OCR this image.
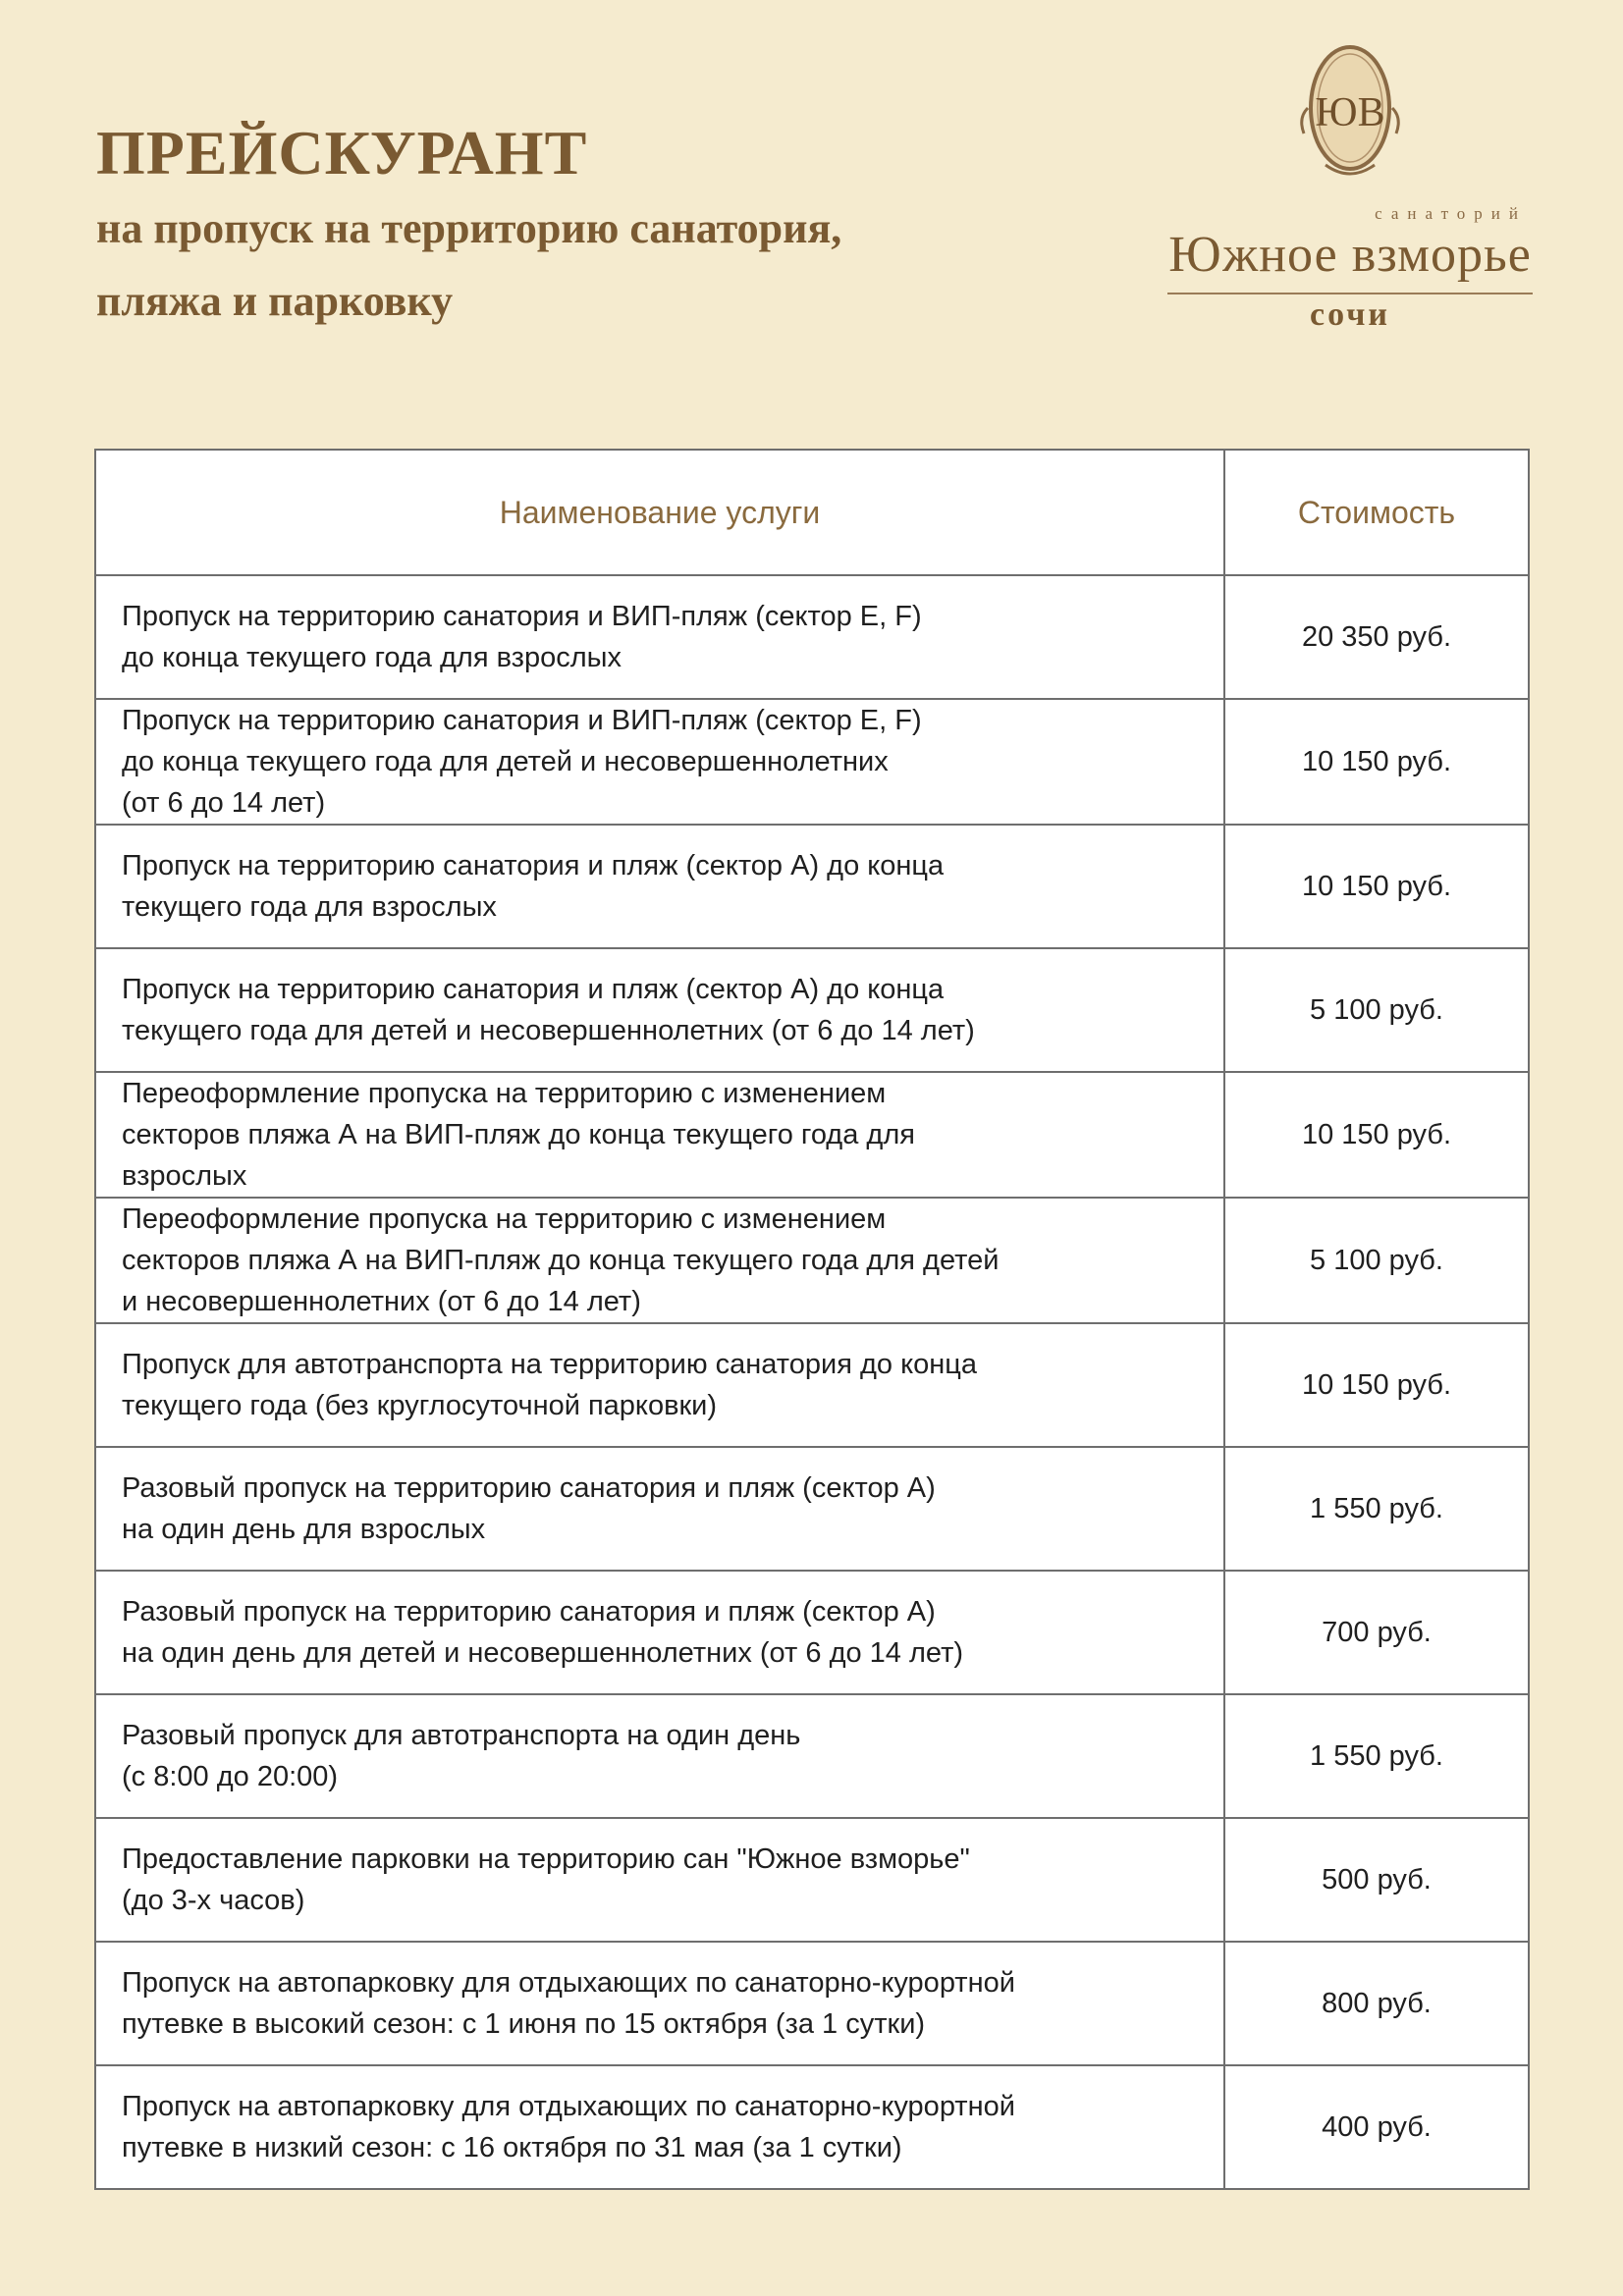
ПРЕЙСКУРАНТ
на пропуск на территорию санатория,
пляжа и парковку
ЮВ
санаторий
Южное взморье
сочи
Наименование услуги	Стоимость
Пропуск на территорию санатория и ВИП-пляж (сектор E, F)
до конца текущего года для взрослых	20 350 руб.
Пропуск на территорию санатория и ВИП-пляж (сектор E, F)
до конца текущего года для детей и несовершеннолетних
(от 6 до 14 лет)	10 150 руб.
Пропуск на территорию санатория и пляж (сектор А) до конца
текущего года для взрослых	10 150 руб.
Пропуск на территорию санатория и пляж (сектор А) до конца
текущего года для детей и несовершеннолетних (от 6 до 14 лет)	5 100 руб.
Переоформление пропуска на территорию с изменением
секторов пляжа А на ВИП-пляж до конца текущего года для
взрослых	10 150 руб.
Переоформление пропуска на территорию с изменением
секторов пляжа А на ВИП-пляж до конца текущего года для детей
и несовершеннолетних (от 6 до 14 лет)	5 100 руб.
Пропуск для автотранспорта на территорию санатория до конца
текущего года (без круглосуточной парковки)	10 150 руб.
Разовый пропуск на территорию санатория и пляж (сектор А)
на один день для взрослых	1 550 руб.
Разовый пропуск на территорию санатория и пляж (сектор А)
на один день для детей и несовершеннолетних (от 6 до 14 лет)	700 руб.
Разовый пропуск для автотранспорта на один день
(с 8:00 до 20:00)	1 550 руб.
Предоставление парковки на территорию сан "Южное взморье"
(до 3-х часов)	500 руб.
Пропуск на автопарковку для отдыхающих по санаторно-курортной
путевке в высокий сезон: с 1 июня по 15 октября (за 1 сутки)	800 руб.
Пропуск на автопарковку для отдыхающих по санаторно-курортной
путевке в низкий сезон: с 16 октября по 31 мая (за 1 сутки)	400 руб.
